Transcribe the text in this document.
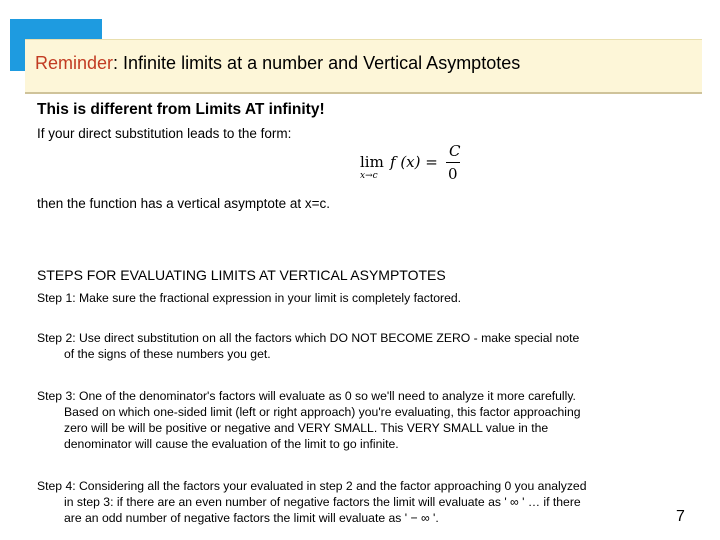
Reminder: Infinite limits at a number and Vertical Asymptotes
This is different from Limits AT infinity!
If your direct substitution leads to the form:
lim
x→c
f (x) =
C
0
then the function has a vertical asymptote at x=c.
STEPS FOR EVALUATING LIMITS AT VERTICAL ASYMPTOTES
Step 1: Make sure the fractional expression in your limit is completely factored.
Step 2: Use direct substitution on all the factors which DO NOT BECOME ZERO - make special note
of the signs of these numbers you get.
Step 3: One of the denominator's factors will evaluate as 0 so we'll need to analyze it more carefully.
Based on which one-sided limit (left or right approach) you're evaluating, this factor approaching
zero will be will be positive or negative and VERY SMALL. This VERY SMALL value in the
denominator will cause the evaluation of the limit to go infinite.
Step 4: Considering all the factors your evaluated in step 2 and the factor approaching 0 you analyzed
in step 3: if there are an even number of negative factors the limit will evaluate as ' ∞ ' … if there
are an odd number of negative factors the limit will evaluate as ' − ∞ '.	7
